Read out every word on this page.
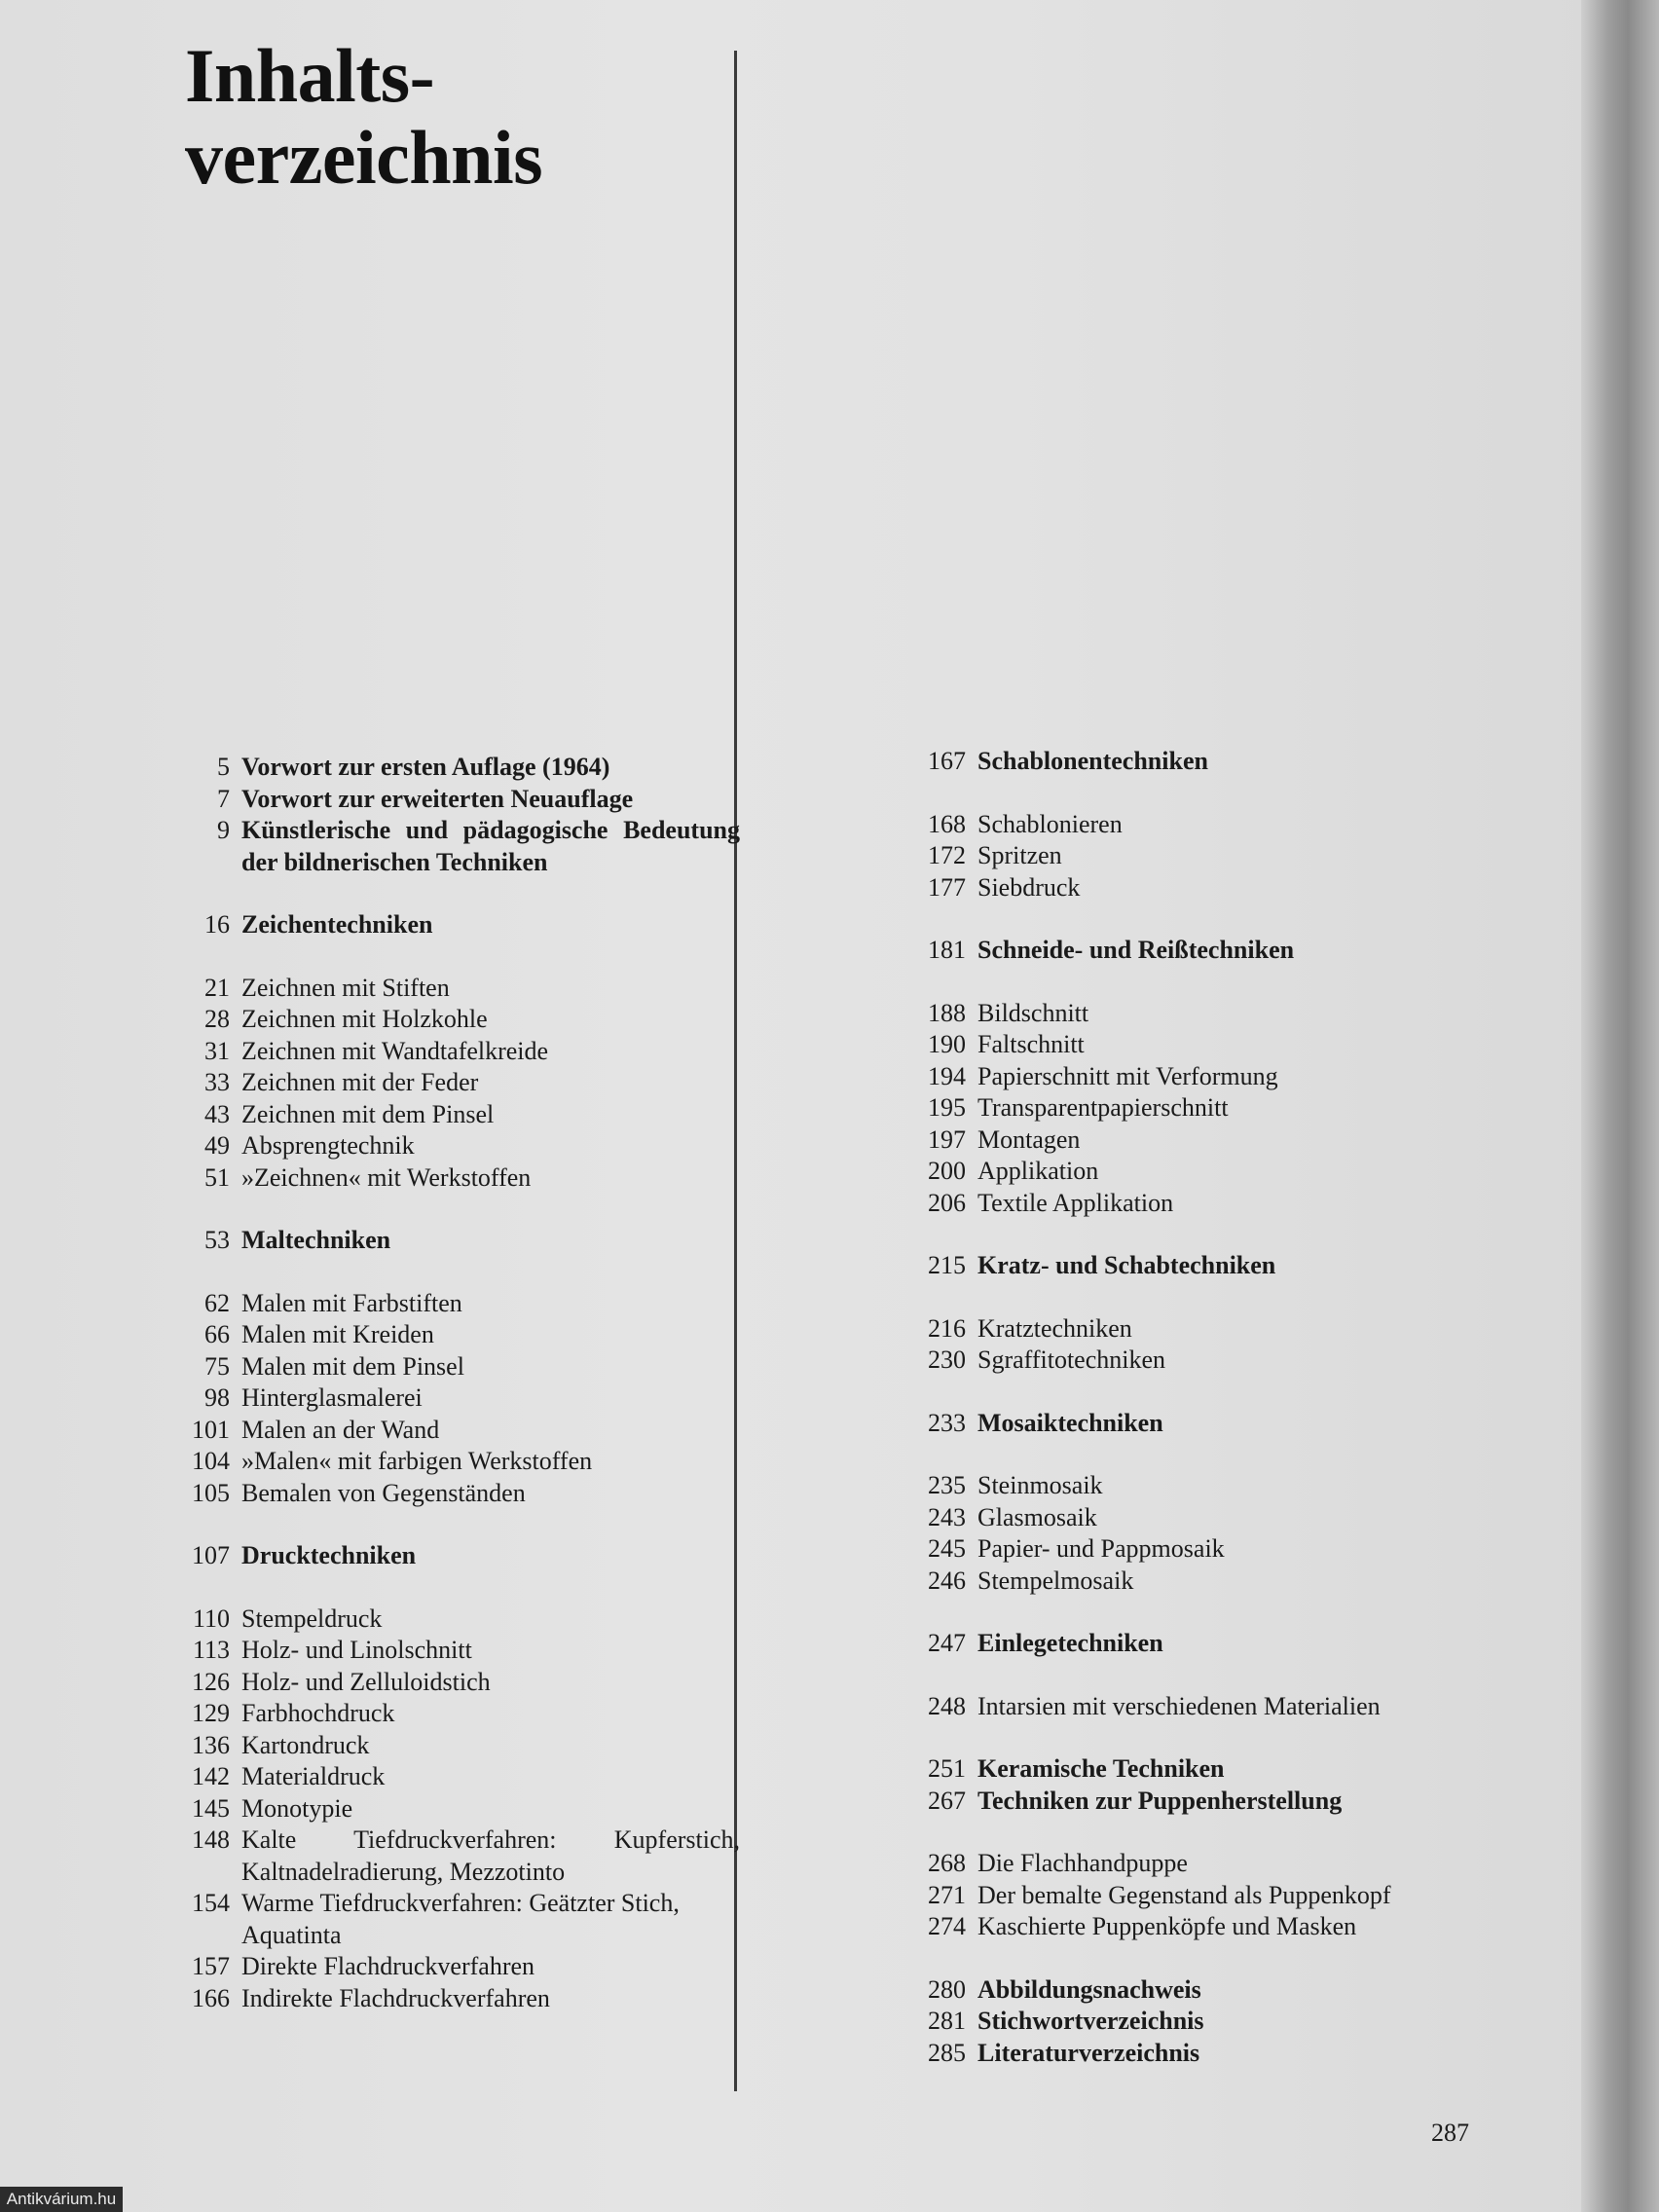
Inhalts-
verzeichnis
5 Vorwort zur ersten Auflage (1964)
7 Vorwort zur erweiterten Neuauflage
9 Künstlerische und pädagogische Bedeutung der bildnerischen Techniken
16 Zeichentechniken
21 Zeichnen mit Stiften
28 Zeichnen mit Holzkohle
31 Zeichnen mit Wandtafelkreide
33 Zeichnen mit der Feder
43 Zeichnen mit dem Pinsel
49 Absprengtechnik
51 »Zeichnen« mit Werkstoffen
53 Maltechniken
62 Malen mit Farbstiften
66 Malen mit Kreiden
75 Malen mit dem Pinsel
98 Hinterglasmalerei
101 Malen an der Wand
104 »Malen« mit farbigen Werkstoffen
105 Bemalen von Gegenständen
107 Drucktechniken
110 Stempeldruck
113 Holz- und Linolschnitt
126 Holz- und Zelluloidstich
129 Farbhochdruck
136 Kartondruck
142 Materialdruck
145 Monotypie
148 Kalte Tiefdruckverfahren: Kupferstich, Kaltnadelradierung, Mezzotinto
154 Warme Tiefdruckverfahren: Geätzter Stich, Aquatinta
157 Direkte Flachdruckverfahren
166 Indirekte Flachdruckverfahren
167 Schablonentechniken
168 Schablonieren
172 Spritzen
177 Siebdruck
181 Schneide- und Reißtechniken
188 Bildschnitt
190 Faltschnitt
194 Papierschnitt mit Verformung
195 Transparentpapierschnitt
197 Montagen
200 Applikation
206 Textile Applikation
215 Kratz- und Schabtechniken
216 Kratztechniken
230 Sgraffitotechniken
233 Mosaiktechniken
235 Steinmosaik
243 Glasmosaik
245 Papier- und Pappmosaik
246 Stempelmosaik
247 Einlegetechniken
248 Intarsien mit verschiedenen Materialien
251 Keramische Techniken
267 Techniken zur Puppenherstellung
268 Die Flachhandpuppe
271 Der bemalte Gegenstand als Puppenkopf
274 Kaschierte Puppenköpfe und Masken
280 Abbildungsnachweis
281 Stichwortverzeichnis
285 Literaturverzeichnis
287
Antikvárium.hu
